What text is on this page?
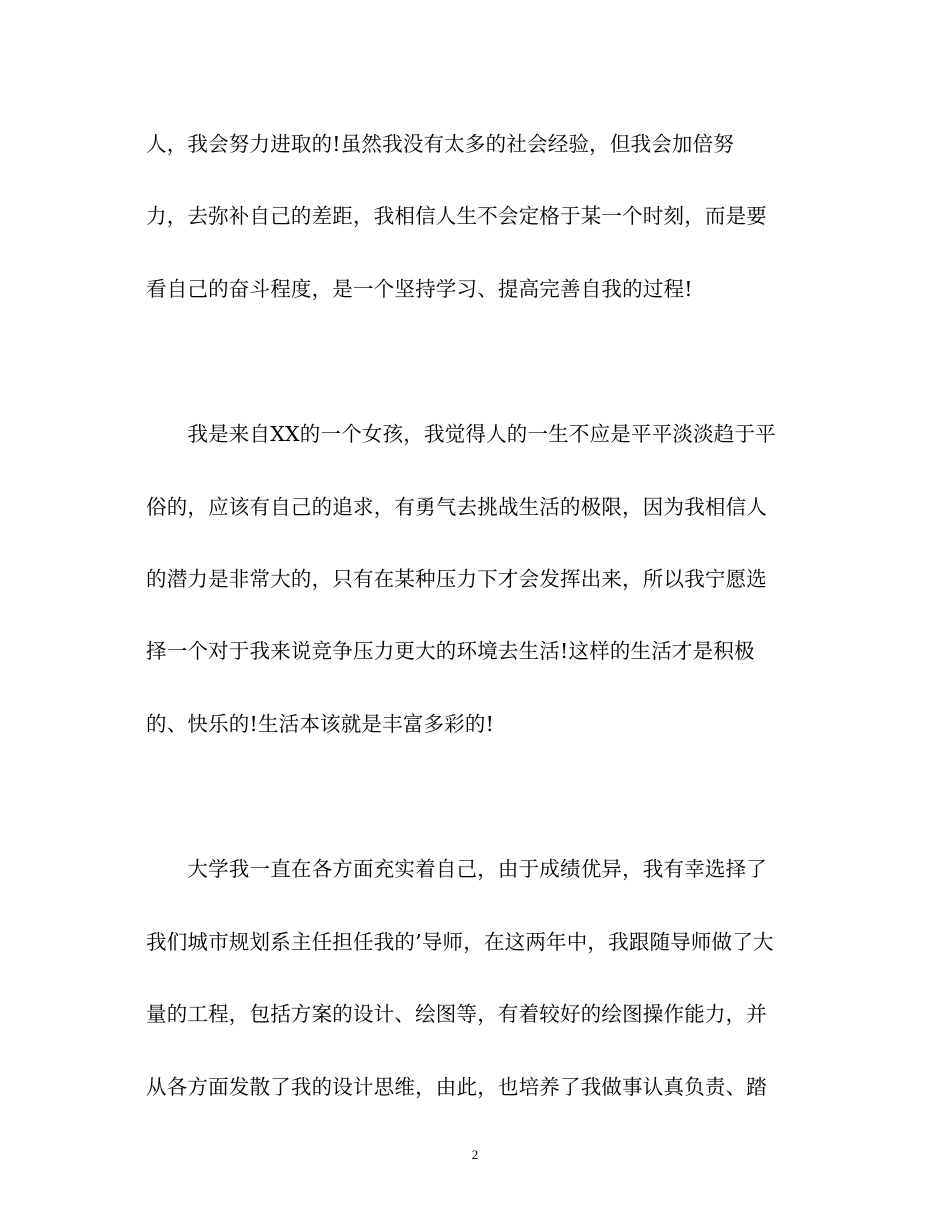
人，我会努力进取的!虽然我没有太多的社会经验，但我会加倍努
力，去弥补自己的差距，我相信人生不会定格于某一个时刻，而是要
看自己的奋斗程度，是一个坚持学习、提高完善自我的过程!
　　我是来自XX的一个女孩，我觉得人的一生不应是平平淡淡趋于平
俗的，应该有自己的追求，有勇气去挑战生活的极限，因为我相信人
的潜力是非常大的，只有在某种压力下才会发挥出来，所以我宁愿选
择一个对于我来说竞争压力更大的环境去生活!这样的生活才是积极
的、快乐的!生活本该就是丰富多彩的!
　　大学我一直在各方面充实着自己，由于成绩优异，我有幸选择了
我们城市规划系主任担任我的’导师，在这两年中，我跟随导师做了大
量的工程，包括方案的设计、绘图等，有着较好的绘图操作能力，并
从各方面发散了我的设计思维，由此，也培养了我做事认真负责、踏
2
